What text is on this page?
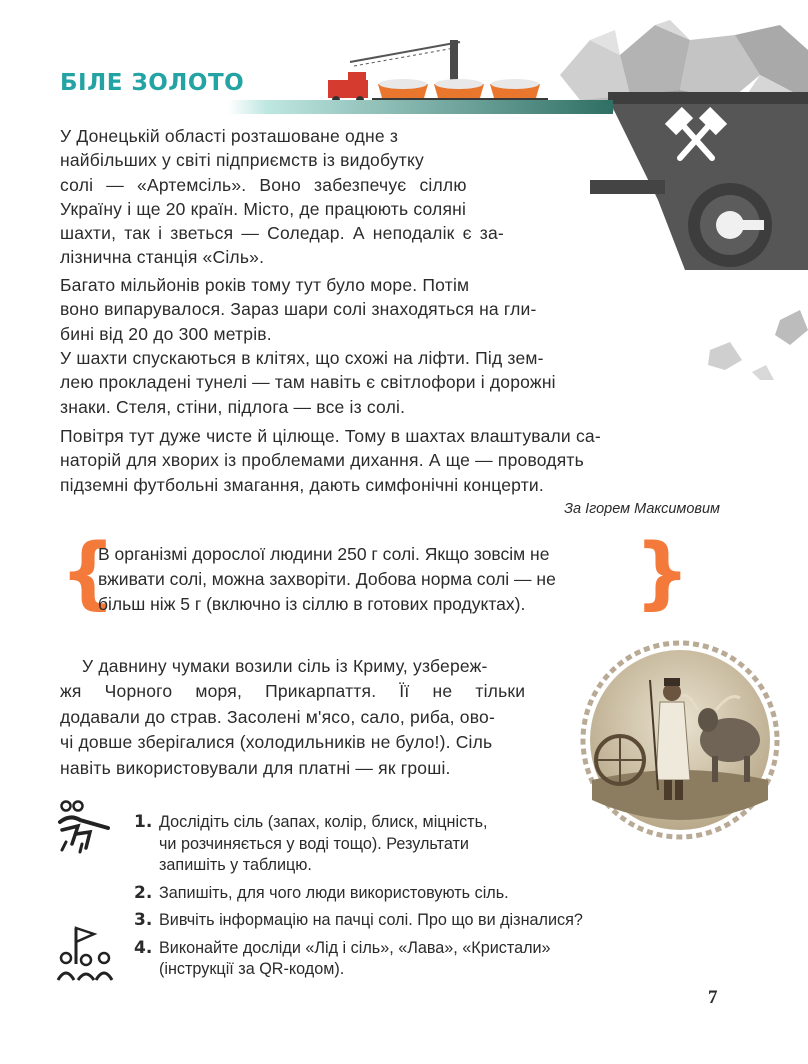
БІЛЕ ЗОЛОТО
У Донецькій області розташоване одне з
найбільших у світі підприємств із видобутку
солі — «Артемсіль». Воно забезпечує сіллю
Україну і ще 20 країн. Місто, де працюють соляні
шахти, так і зветься — Соледар. А неподалік є за-
лізнична станція «Сіль».
Багато мільйонів років тому тут було море. Потім
воно випарувалося. Зараз шари солі знаходяться на гли-
бині від 20 до 300 метрів.
У шахти спускаються в клітях, що схожі на ліфти. Під зем-
лею прокладені тунелі — там навіть є світлофори і дорожні
знаки. Стеля, стіни, підлога — все із солі.
Повітря тут дуже чисте й цілюще. Тому в шахтах влаштували са-
наторій для хворих із проблемами дихання. А ще — проводять
підземні футбольні змагання, дають симфонічні концерти.
За Ігорем Максимовим
{
В організмі дорослої людини 250 г солі. Якщо зовсім не
вживати солі, можна захворіти. Добова норма солі — не
більш ніж 5 г (включно із сіллю в готових продуктах).	}
У давнину чумаки возили сіль із Криму, узбереж-
жя Чорного моря, Прикарпаття. Її не тільки
додавали до страв. Засолені м'ясо, сало, риба, ово-
чі довше зберігалися (холодильників не було!). Сіль
навіть використовували для платні — як гроші.
1. Дослідіть сіль (запах, колір, блиск, міцність,
чи розчиняється у воді тощо). Результати
запишіть у таблицю.
2. Запишіть, для чого люди використовують сіль.
3. Вивчіть інформацію на пачці солі. Про що ви дізналися?
4. Виконайте досліди «Лід і сіль», «Лава», «Кристали»
(інструкції за QR-кодом).
7
